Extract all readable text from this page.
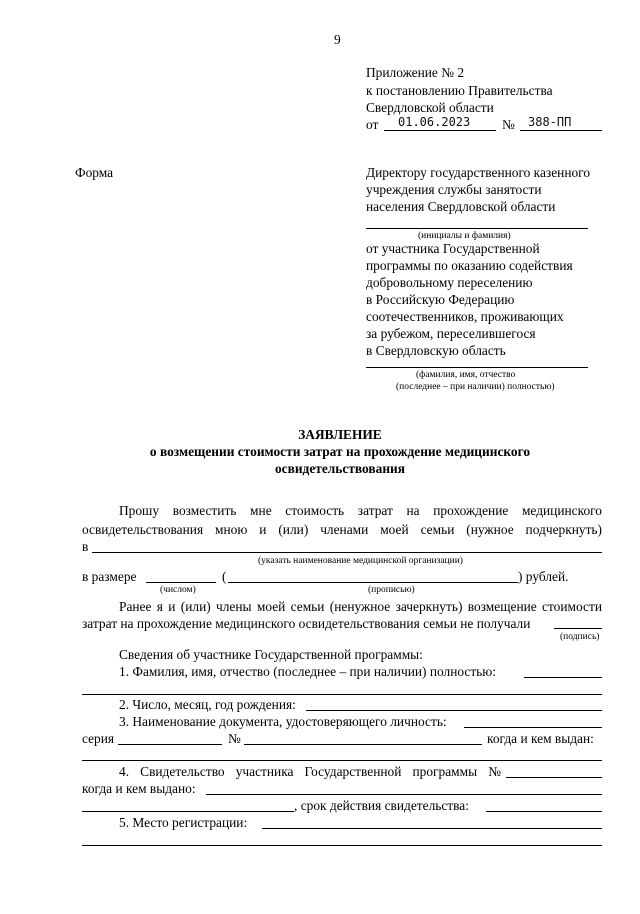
9
Приложение № 2
к постановлению Правительства
Свердловской области
от 01.06.2023 № 388-ПП
Форма	Директору государственного казенного
учреждения службы занятости
населения Свердловской области
(инициалы и фамилия)
от участника Государственной
программы по оказанию содействия
добровольному переселению
в Российскую Федерацию
соотечественников, проживающих
за рубежом, переселившегося
в Свердловскую область
(фамилия, имя, отчество
(последнее – при наличии) полностью)
ЗАЯВЛЕНИЕ
о возмещении стоимости затрат на прохождение медицинского
освидетельствования
Прошу возместить мне стоимость затрат на прохождение медицинского
освидетельствования мною и (или) членами моей семьи (нужное подчеркнуть)
в
(указать наименование медицинской организации)
в размере	(	) рублей.
(числом)	(прописью)
Ранее я и (или) члены моей семьи (ненужное зачеркнуть) возмещение стоимости
затрат на прохождение медицинского освидетельствования семьи не получали
(подпись)
Сведения об участнике Государственной программы:
1. Фамилия, имя, отчество (последнее – при наличии) полностью:
2. Число, месяц, год рождения:
3. Наименование документа, удостоверяющего личность:
серия	№	когда и кем выдан:
4. Свидетельство участника Государственной программы №
когда и кем выдано:
, срок действия свидетельства:
5. Место регистрации:
